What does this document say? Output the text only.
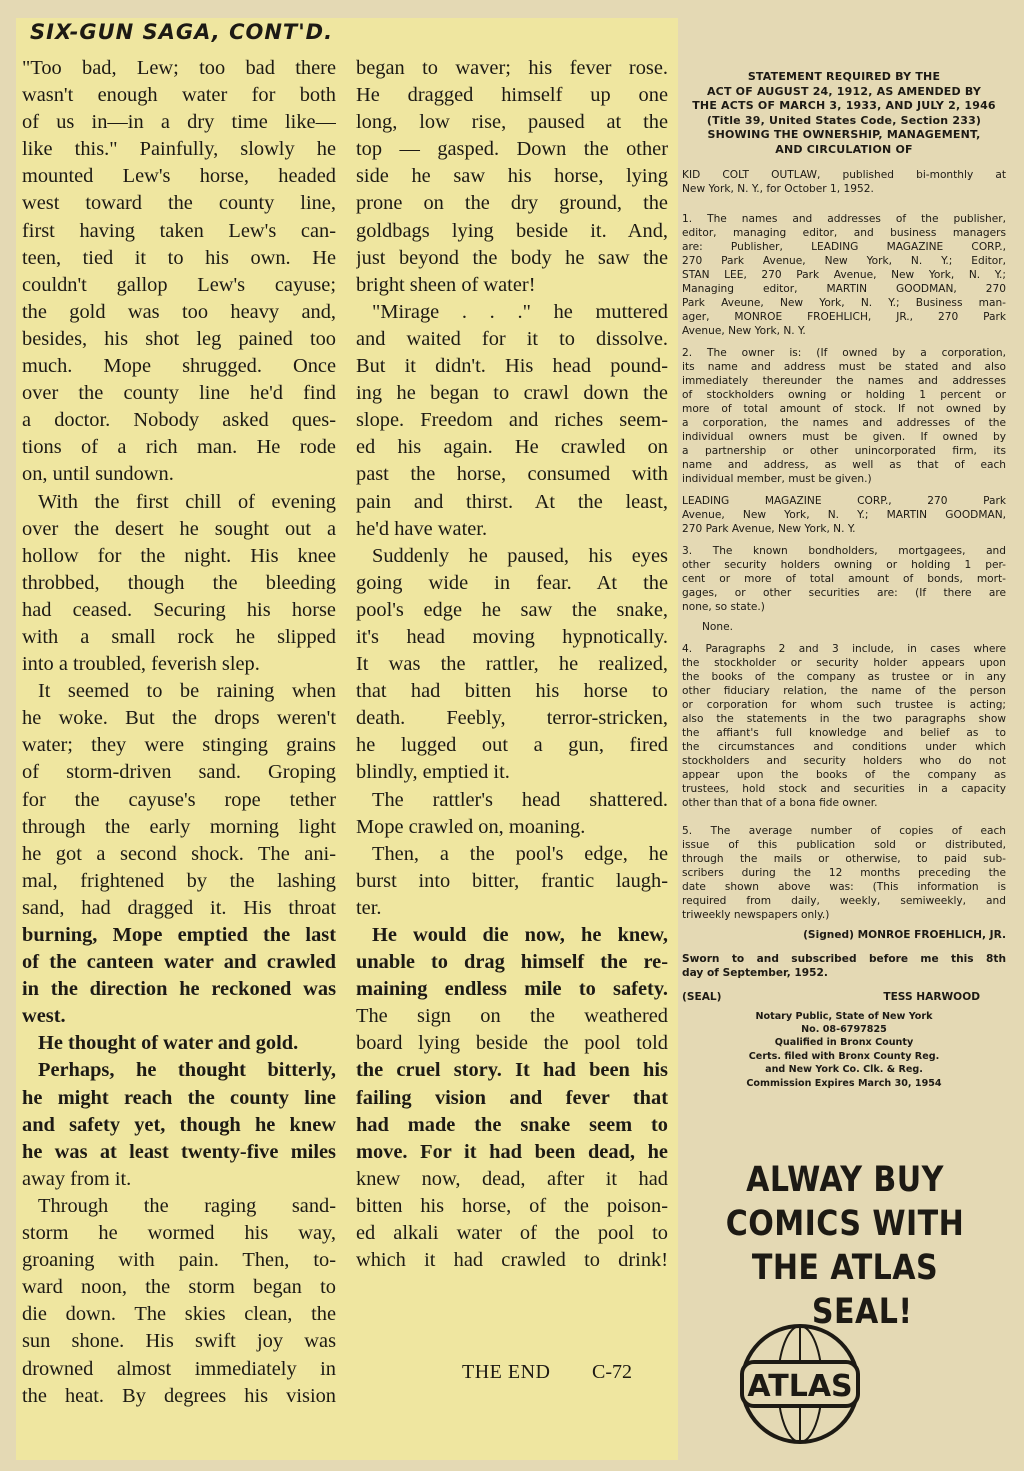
SIX-GUN SAGA, CONT'D.
"Too bad, Lew; too bad there
wasn't enough water for both
of us in—in a dry time like—
like this." Painfully, slowly he
mounted Lew's horse, headed
west toward the county line,
first having taken Lew's can-
teen, tied it to his own. He
couldn't gallop Lew's cayuse;
the gold was too heavy and,
besides, his shot leg pained too
much. Mope shrugged. Once
over the county line he'd find
a doctor. Nobody asked ques-
tions of a rich man. He rode
on, until sundown.
With the first chill of evening
over the desert he sought out a
hollow for the night. His knee
throbbed, though the bleeding
had ceased. Securing his horse
with a small rock he slipped
into a troubled, feverish slep.
It seemed to be raining when
he woke. But the drops weren't
water; they were stinging grains
of storm-driven sand. Groping
for the cayuse's rope tether
through the early morning light
he got a second shock. The ani-
mal, frightened by the lashing
sand, had dragged it. His throat
burning, Mope emptied the last
of the canteen water and crawled
in the direction he reckoned was
west.
He thought of water and gold.
Perhaps, he thought bitterly,
he might reach the county line
and safety yet, though he knew
he was at least twenty-five miles
away from it.
Through the raging sand-
storm he wormed his way,
groaning with pain. Then, to-
ward noon, the storm began to
die down. The skies clean, the
sun shone. His swift joy was
drowned almost immediately in
the heat. By degrees his vision
began to waver; his fever rose.
He dragged himself up one
long, low rise, paused at the
top — gasped. Down the other
side he saw his horse, lying
prone on the dry ground, the
goldbags lying beside it. And,
just beyond the body he saw the
bright sheen of water!
"Mirage . . ." he muttered
and waited for it to dissolve.
But it didn't. His head pound-
ing he began to crawl down the
slope. Freedom and riches seem-
ed his again. He crawled on
past the horse, consumed with
pain and thirst. At the least,
he'd have water.
Suddenly he paused, his eyes
going wide in fear. At the
pool's edge he saw the snake,
it's head moving hypnotically.
It was the rattler, he realized,
that had bitten his horse to
death. Feebly, terror-stricken,
he lugged out a gun, fired
blindly, emptied it.
The rattler's head shattered.
Mope crawled on, moaning.
Then, a the pool's edge, he
burst into bitter, frantic laugh-
ter.
He would die now, he knew,
unable to drag himself the re-
maining endless mile to safety.
The sign on the weathered
board lying beside the pool told
the cruel story. It had been his
failing vision and fever that
had made the snake seem to
move. For it had been dead, he
knew now, dead, after it had
bitten his horse, of the poison-
ed alkali water of the pool to
which it had crawled to drink!
THE END C-72
STATEMENT REQUIRED BY THE
ACT OF AUGUST 24, 1912, AS AMENDED BY
THE ACTS OF MARCH 3, 1933, AND JULY 2, 1946
(Title 39, United States Code, Section 233)
SHOWING THE OWNERSHIP, MANAGEMENT,
AND CIRCULATION OF
KID COLT OUTLAW, published bi-monthly at
New York, N. Y., for October 1, 1952.
1. The names and addresses of the publisher,
editor, managing editor, and business managers
are: Publisher, LEADING MAGAZINE CORP.,
270 Park Avenue, New York, N. Y.; Editor,
STAN LEE, 270 Park Avenue, New York, N. Y.;
Managing editor, MARTIN GOODMAN, 270
Park Aveune, New York, N. Y.; Business man-
ager, MONROE FROEHLICH, JR., 270 Park
Avenue, New York, N. Y.
2. The owner is: (If owned by a corporation,
its name and address must be stated and also
immediately thereunder the names and addresses
of stockholders owning or holding 1 percent or
more of total amount of stock. If not owned by
a corporation, the names and addresses of the
individual owners must be given. If owned by
a partnership or other unincorporated firm, its
name and address, as well as that of each
individual member, must be given.)
LEADING MAGAZINE CORP., 270 Park
Avenue, New York, N. Y.; MARTIN GOODMAN,
270 Park Avenue, New York, N. Y.
3. The known bondholders, mortgagees, and
other security holders owning or holding 1 per-
cent or more of total amount of bonds, mort-
gages, or other securities are: (If there are
none, so state.)
None.
4. Paragraphs 2 and 3 include, in cases where
the stockholder or security holder appears upon
the books of the company as trustee or in any
other fiduciary relation, the name of the person
or corporation for whom such trustee is acting;
also the statements in the two paragraphs show
the affiant's full knowledge and belief as to
the circumstances and conditions under which
stockholders and security holders who do not
appear upon the books of the company as
trustees, hold stock and securities in a capacity
other than that of a bona fide owner.
5. The average number of copies of each
issue of this publication sold or distributed,
through the mails or otherwise, to paid sub-
scribers during the 12 months preceding the
date shown above was: (This information is
required from daily, weekly, semiweekly, and
triweekly newspapers only.)
(Signed) MONROE FROEHLICH, JR.
Sworn to and subscribed before me this 8th
day of September, 1952.
(SEAL)	TESS HARWOOD
Notary Public, State of New York
No. 08-6797825
Qualified in Bronx County
Certs. filed with Bronx County Reg.
and New York Co. Clk. & Reg.
Commission Expires March 30, 1954
ALWAY BUY
COMICS WITH
THE ATLAS
SEAL!
ATLAS
